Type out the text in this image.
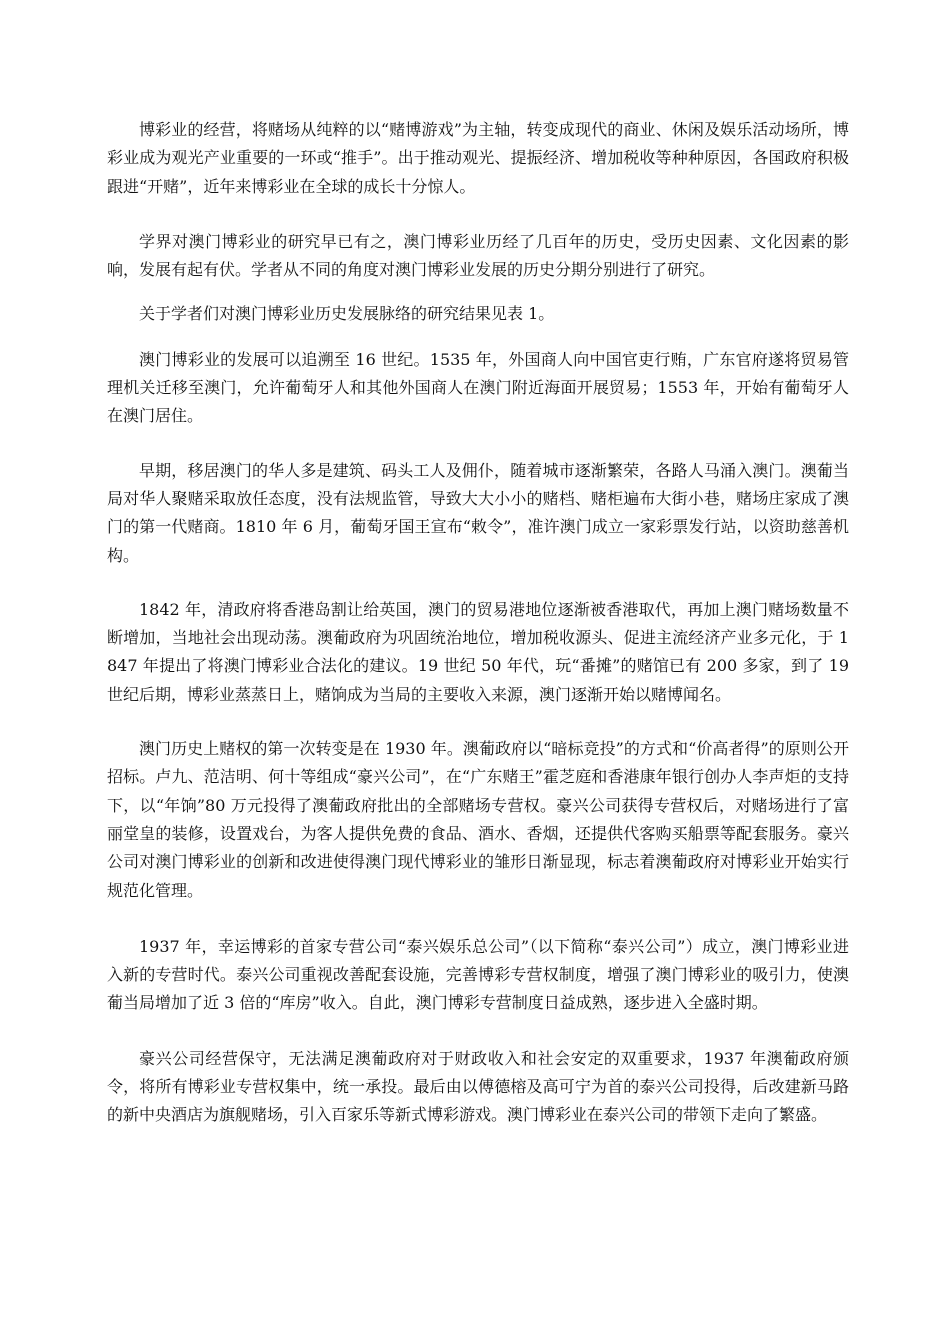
博彩业的经营，将赌场从纯粹的以“赌博游戏”为主轴，转变成现代的商业、休闲及娱乐活动场所，博彩业成为观光产业重要的一环或“推手”。出于推动观光、提振经济、增加税收等种种原因，各国政府积极跟进“开赌”，近年来博彩业在全球的成长十分惊人。

学界对澳门博彩业的研究早已有之，澳门博彩业历经了几百年的历史，受历史因素、文化因素的影响，发展有起有伏。学者从不同的角度对澳门博彩业发展的历史分期分别进行了研究。

关于学者们对澳门博彩业历史发展脉络的研究结果见表 1。

澳门博彩业的发展可以追溯至 16 世纪。1535 年，外国商人向中国官吏行贿，广东官府遂将贸易管理机关迁移至澳门，允许葡萄牙人和其他外国商人在澳门附近海面开展贸易；1553 年，开始有葡萄牙人在澳门居住。

早期，移居澳门的华人多是建筑、码头工人及佣仆，随着城市逐渐繁荣，各路人马涌入澳门。澳葡当局对华人聚赌采取放任态度，没有法规监管，导致大大小小的赌档、赌柜遍布大街小巷，赌场庄家成了澳门的第一代赌商。1810 年 6 月，葡萄牙国王宣布“敕令”，准许澳门成立一家彩票发行站，以资助慈善机构。

1842 年，清政府将香港岛割让给英国，澳门的贸易港地位逐渐被香港取代，再加上澳门赌场数量不断增加，当地社会出现动荡。澳葡政府为巩固统治地位，增加税收源头、促进主流经济产业多元化，于 1847 年提出了将澳门博彩业合法化的建议。19 世纪 50 年代，玩“番摊”的赌馆已有 200 多家，到了 19 世纪后期，博彩业蒸蒸日上，赌饷成为当局的主要收入来源，澳门逐渐开始以赌博闻名。

澳门历史上赌权的第一次转变是在 1930 年。澳葡政府以“暗标竞投”的方式和“价高者得”的原则公开招标。卢九、范洁明、何十等组成“豪兴公司”，在“广东赌王”霍芝庭和香港康年银行创办人李声炬的支持下，以“年饷”80 万元投得了澳葡政府批出的全部赌场专营权。豪兴公司获得专营权后，对赌场进行了富丽堂皇的装修，设置戏台，为客人提供免费的食品、酒水、香烟，还提供代客购买船票等配套服务。豪兴公司对澳门博彩业的创新和改进使得澳门现代博彩业的雏形日渐显现，标志着澳葡政府对博彩业开始实行规范化管理。

1937 年，幸运博彩的首家专营公司“泰兴娱乐总公司”（以下简称“泰兴公司”）成立，澳门博彩业进入新的专营时代。泰兴公司重视改善配套设施，完善博彩专营权制度，增强了澳门博彩业的吸引力，使澳葡当局增加了近 3 倍的“库房”收入。自此，澳门博彩专营制度日益成熟，逐步进入全盛时期。

豪兴公司经营保守，无法满足澳葡政府对于财政收入和社会安定的双重要求，1937 年澳葡政府颁令，将所有博彩业专营权集中，统一承投。最后由以傅德榕及高可宁为首的泰兴公司投得，后改建新马路的新中央酒店为旗舰赌场，引入百家乐等新式博彩游戏。澳门博彩业在泰兴公司的带领下走向了繁盛。
